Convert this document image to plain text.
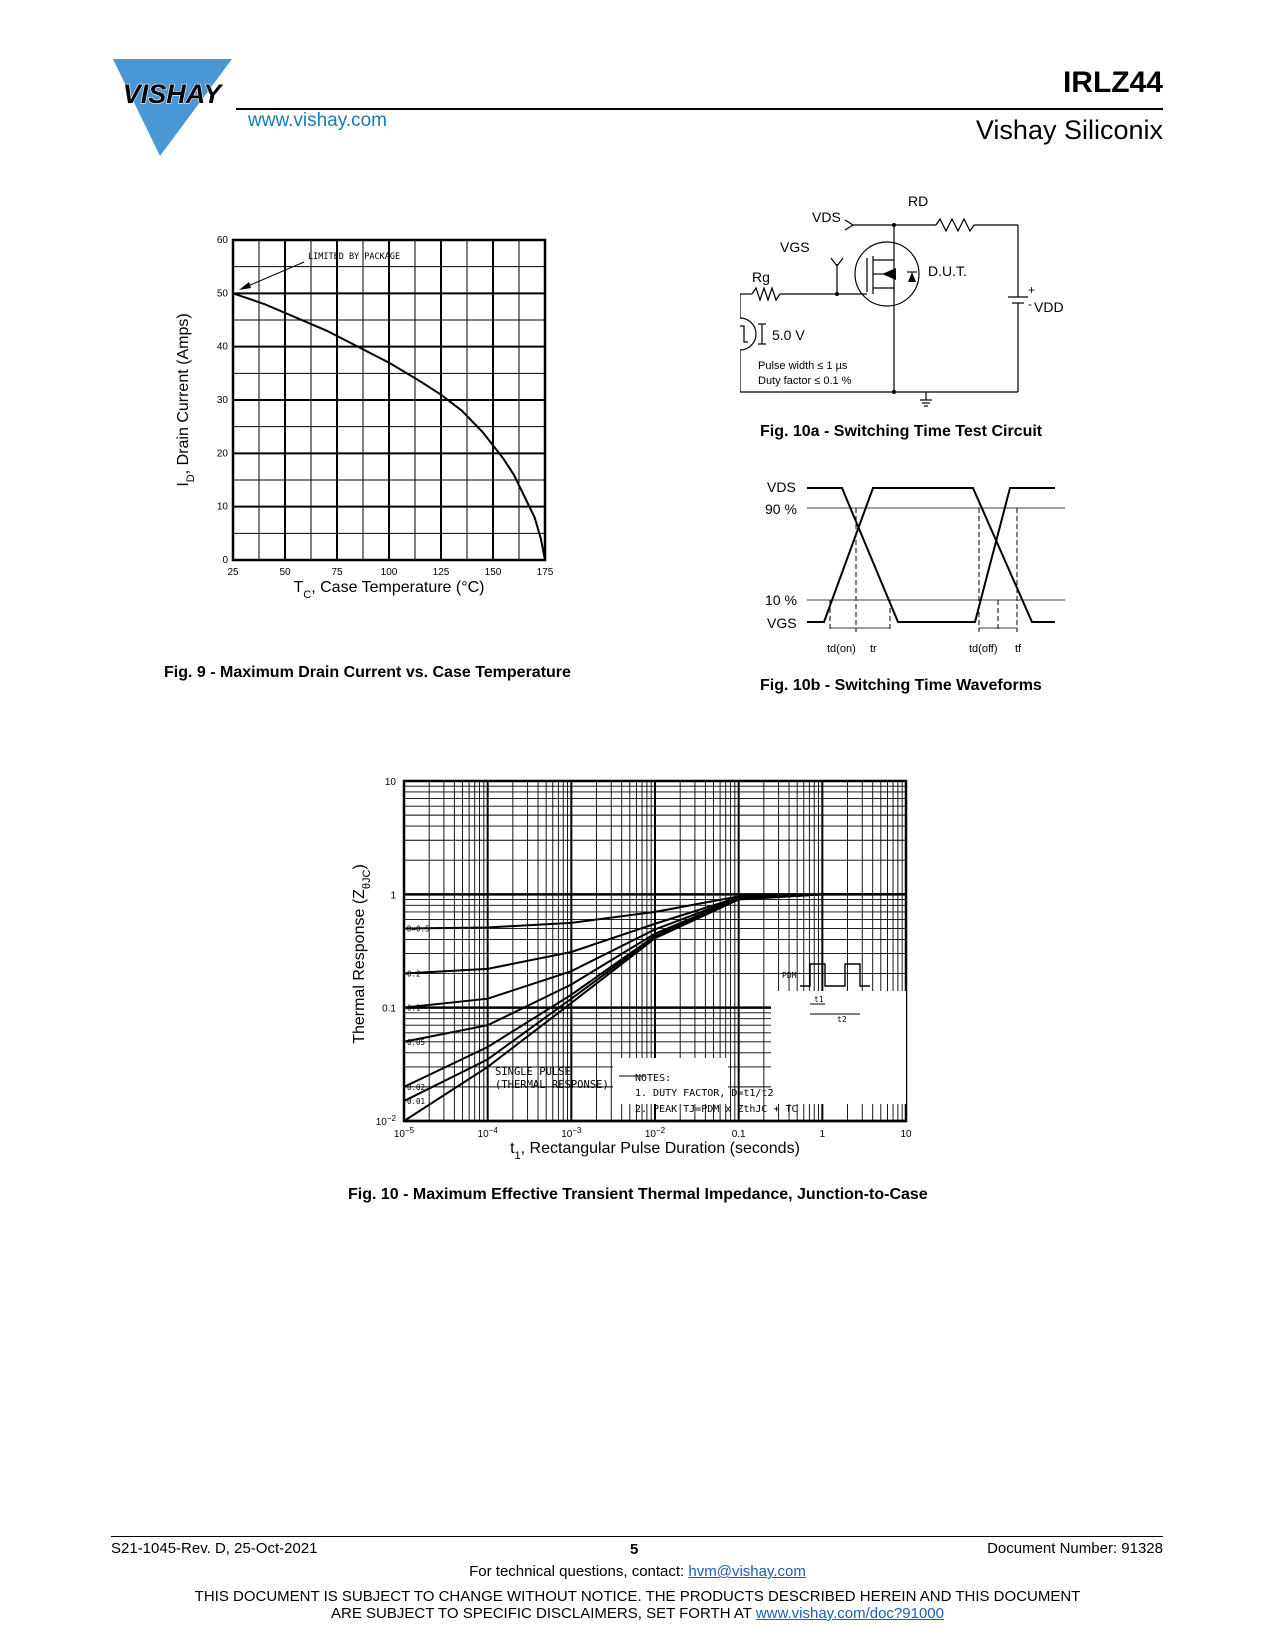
VISHAY
www.vishay.com
IRLZ44
Vishay Siliconix
25	50	75	100	125	150	175
0
10
20
30
40
50
60
LIMITED BY PACKAGE
$T_C$, Case Temperature (°C)
$I_D$, Drain Current (Amps)
Fig. 9 - Maximum Drain Current vs. Case Temperature
RD
VDS
VGS
Rg	D.U.T.
+
- VDD
5.0 V
Pulse width ≤ 1 µs
Duty factor ≤ 0.1 %
Fig. 10a - Switching Time Test Circuit
VDS
90 %
10 %
VGS
td(on) tr	td(off) tf
Fig. 10b - Switching Time Waveforms
$10^{-5}$	$10^{-4}$	$10^{-3}$	$10^{-2}$	0.1	1	10
$10^{-2}$
0.1
1
10
D=0.5
0.2
0.1
0.05
0.02
0.01
SINGLE PULSE
(THERMAL RESPONSE)
NOTES:
1. DUTY FACTOR, D=t1/t2
2. PEAK TJ=PDM x ZthJC + TC
PDM
t1
t2
$t_1$, Rectangular Pulse Duration (seconds)
Thermal Response $(Z_{\theta JC})$
Fig. 10 - Maximum Effective Transient Thermal Impedance, Junction-to-Case
S21-1045-Rev. D, 25-Oct-2021	5	Document Number: 91328
For technical questions, contact: hvm@vishay.com
THIS DOCUMENT IS SUBJECT TO CHANGE WITHOUT NOTICE. THE PRODUCTS DESCRIBED HEREIN AND THIS DOCUMENT
ARE SUBJECT TO SPECIFIC DISCLAIMERS, SET FORTH AT www.vishay.com/doc?91000
